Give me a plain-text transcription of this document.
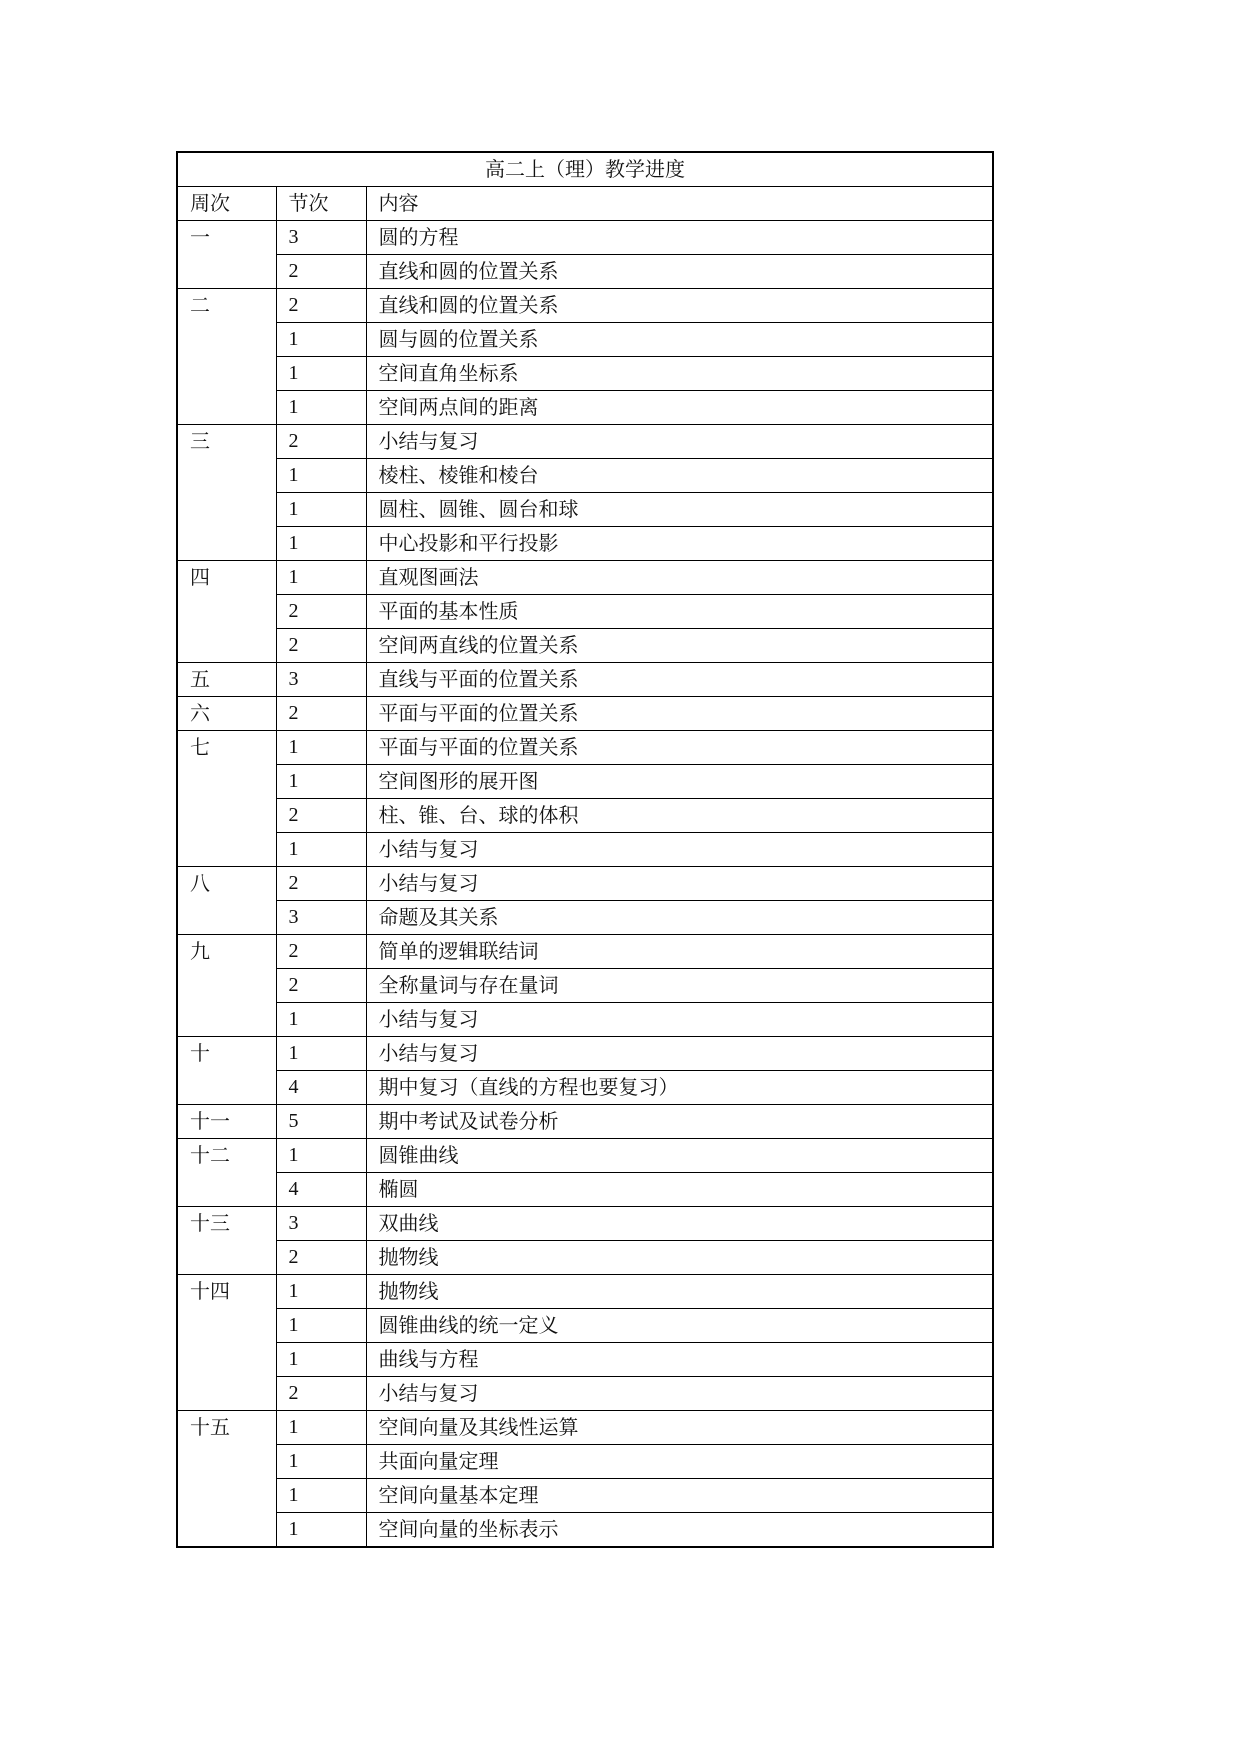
高二上（理）教学进度		
周次	节次	内容
一	3	圆的方程
	2	直线和圆的位置关系
二	2	直线和圆的位置关系
	1	圆与圆的位置关系
	1	空间直角坐标系
	1	空间两点间的距离
三	2	小结与复习
	1	棱柱、棱锥和棱台
	1	圆柱、圆锥、圆台和球
	1	中心投影和平行投影
四	1	直观图画法
	2	平面的基本性质
	2	空间两直线的位置关系
五	3	直线与平面的位置关系
六	2	平面与平面的位置关系
七	1	平面与平面的位置关系
	1	空间图形的展开图
	2	柱、锥、台、球的体积
	1	小结与复习
八	2	小结与复习
	3	命题及其关系
九	2	简单的逻辑联结词
	2	全称量词与存在量词
	1	小结与复习
十	1	小结与复习
	4	期中复习（直线的方程也要复习）
十一	5	期中考试及试卷分析
十二	1	圆锥曲线
	4	椭圆
十三	3	双曲线
	2	抛物线
十四	1	抛物线
	1	圆锥曲线的统一定义
	1	曲线与方程
	2	小结与复习
十五	1	空间向量及其线性运算
	1	共面向量定理
	1	空间向量基本定理
	1	空间向量的坐标表示
